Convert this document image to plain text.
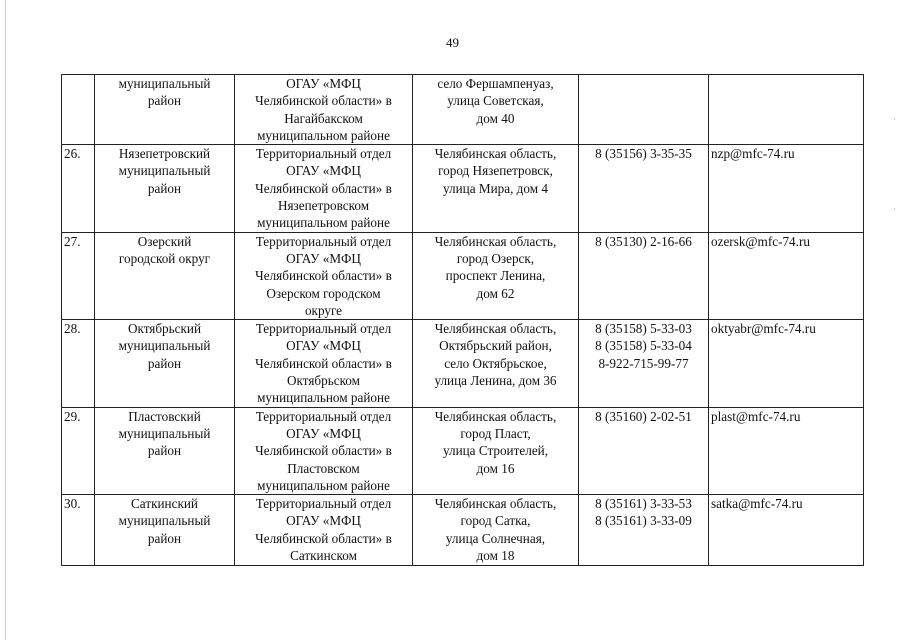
·
·
49

	муниципальный
район	ОГАУ «МФЦ
Челябинской области» в
Нагайбакском
муниципальном районе	село Фершампенуаз,
улица Советская,
дом 40		

26.	Нязепетровский
муниципальный
район	Территориальный отдел
ОГАУ «МФЦ
Челябинской области» в
Нязепетровском
муниципальном районе	Челябинская область,
город Нязепетровск,
улица Мира, дом 4	8 (35156) 3-35-35	nzp@mfc-74.ru
27.	Озерский
городской округ	Территориальный отдел
ОГАУ «МФЦ
Челябинской области» в
Озерском городском
округе	Челябинская область,
город Озерск,
проспект Ленина,
дом 62	8 (35130) 2-16-66	ozersk@mfc-74.ru
28.	Октябрьский
муниципальный
район	Территориальный отдел
ОГАУ «МФЦ
Челябинской области» в
Октябрьском
муниципальном районе	Челябинская область,
Октябрьский район,
село Октябрьское,
улица Ленина, дом 36	8 (35158) 5-33-03
8 (35158) 5-33-04
8-922-715-99-77	oktyabr@mfc-74.ru
29.	Пластовский
муниципальный
район	Территориальный отдел
ОГАУ «МФЦ
Челябинской области» в
Пластовском
муниципальном районе	Челябинская область,
город Пласт,
улица Строителей,
дом 16	8 (35160) 2-02-51	plast@mfc-74.ru
30.	Саткинский
муниципальный
район	Территориальный отдел
ОГАУ «МФЦ
Челябинской области» в
Саткинском	Челябинская область,
город Сатка,
улица Солнечная,
дом 18	8 (35161) 3-33-53
8 (35161) 3-33-09	satka@mfc-74.ru
